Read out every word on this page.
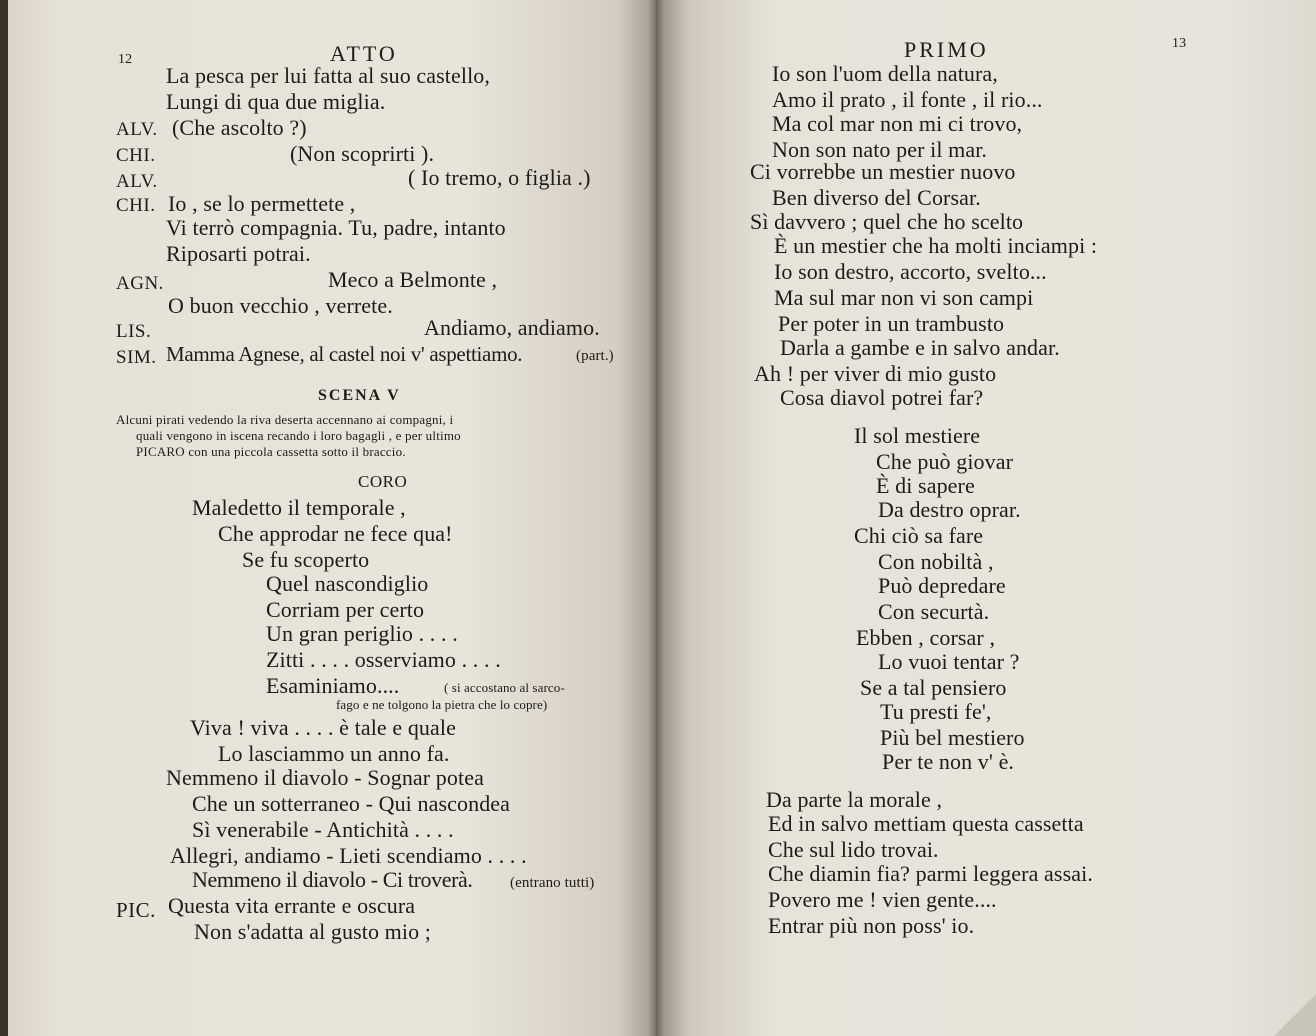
12	ATTO
La pesca per lui fatta al suo castello,
Lungi di qua due miglia.
ALV. (Che ascolto ?)
CHI.	(Non scoprirti ).
ALV.	( Io tremo, o figlia .)
CHI. Io , se lo permettete ,
Vi terrò compagnia. Tu, padre, intanto
Riposarti potrai.
AGN.	Meco a Belmonte ,
O buon vecchio , verrete.
LIS.	Andiamo, andiamo.
SIM. Mamma Agnese, al castel noi v' aspettiamo.	(part.)
SCENA V
Alcuni pirati vedendo la riva deserta accennano ai compagni, i
quali vengono in iscena recando i loro bagagli , e per ultimo
PICARO con una piccola cassetta sotto il braccio.
CORO
Maledetto il temporale ,
Che approdar ne fece qua!
Se fu scoperto
Quel nascondiglio
Corriam per certo
Un gran periglio . . . .
Zitti . . . . osserviamo . . . .
Esaminiamo....	( si accostano al sarco-
fago e ne tolgono la pietra che lo copre)
Viva ! viva . . . . è tale e quale
Lo lasciammo un anno fa.
Nemmeno il diavolo - Sognar potea
Che un sotterraneo - Qui nascondea
Sì venerabile - Antichità . . . .
Allegri, andiamo - Lieti scendiamo . . . .
Nemmeno il diavolo - Ci troverà.	(entrano tutti)
PIC. Questa vita errante e oscura
Non s'adatta al gusto mio ;
PRIMO	13
Io son l'uom della natura,
Amo il prato , il fonte , il rio...
Ma col mar non mi ci trovo,
Non son nato per il mar.
Ci vorrebbe un mestier nuovo
Ben diverso del Corsar.
Sì davvero ; quel che ho scelto
È un mestier che ha molti inciampi :
Io son destro, accorto, svelto...
Ma sul mar non vi son campi
Per poter in un trambusto
Darla a gambe e in salvo andar.
Ah ! per viver di mio gusto
Cosa diavol potrei far?
Il sol mestiere
Che può giovar
È di sapere
Da destro oprar.
Chi ciò sa fare
Con nobiltà ,
Può depredare
Con securtà.
Ebben , corsar ,
Lo vuoi tentar ?
Se a tal pensiero
Tu presti fe',
Più bel mestiero
Per te non v' è.
Da parte la morale ,
Ed in salvo mettiam questa cassetta
Che sul lido trovai.
Che diamin fia? parmi leggera assai.
Povero me ! vien gente....
Entrar più non poss' io.
